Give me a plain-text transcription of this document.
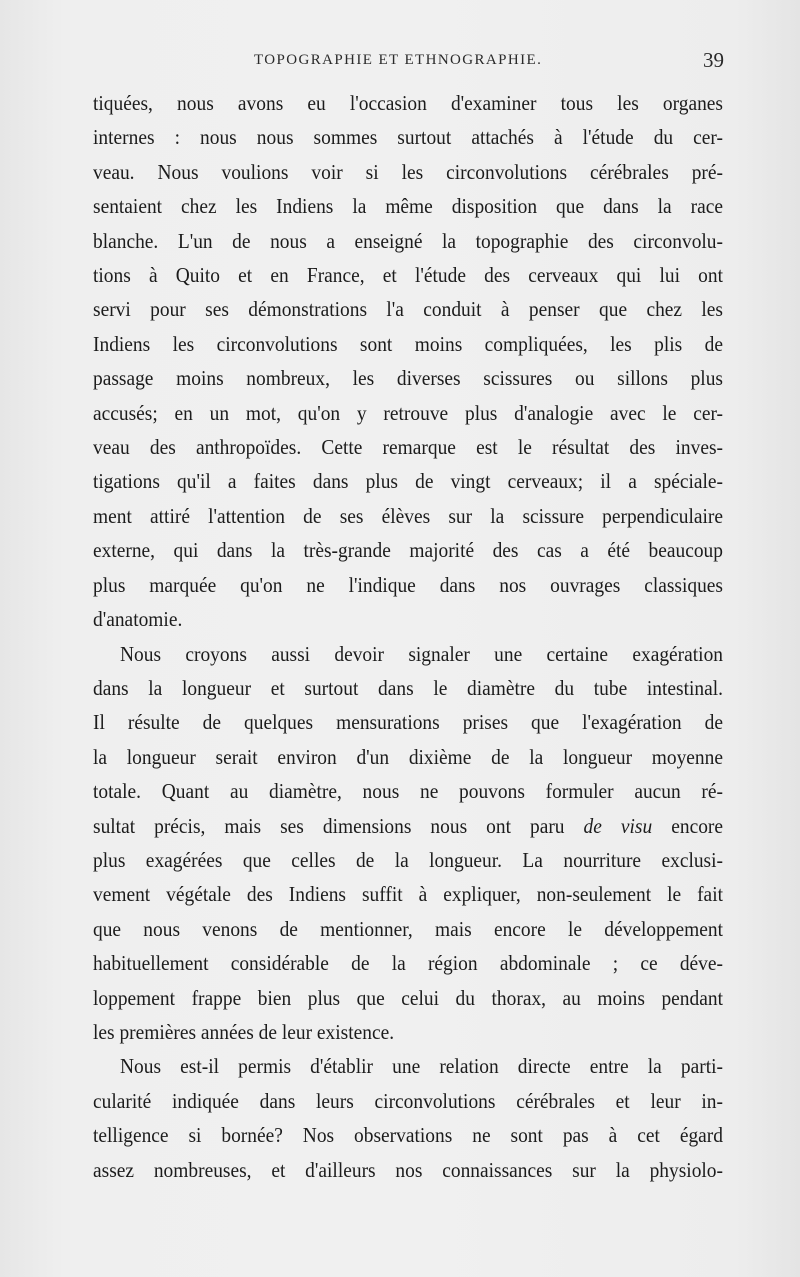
TOPOGRAPHIE ET ETHNOGRAPHIE.	39

tiquées, nous avons eu l'occasion d'examiner tous les organes

internes : nous nous sommes surtout attachés à l'étude du cer-

veau. Nous voulions voir si les circonvolutions cérébrales pré-

sentaient chez les Indiens la même disposition que dans la race

blanche. L'un de nous a enseigné la topographie des circonvolu-

tions à Quito et en France, et l'étude des cerveaux qui lui ont

servi pour ses démonstrations l'a conduit à penser que chez les

Indiens les circonvolutions sont moins compliquées, les plis de

passage moins nombreux, les diverses scissures ou sillons plus

accusés; en un mot, qu'on y retrouve plus d'analogie avec le cer-

veau des anthropoïdes. Cette remarque est le résultat des inves-

tigations qu'il a faites dans plus de vingt cerveaux; il a spéciale-

ment attiré l'attention de ses élèves sur la scissure perpendiculaire

externe, qui dans la très-grande majorité des cas a été beaucoup

plus marquée qu'on ne l'indique dans nos ouvrages classiques

d'anatomie.

Nous croyons aussi devoir signaler une certaine exagération

dans la longueur et surtout dans le diamètre du tube intestinal.

Il résulte de quelques mensurations prises que l'exagération de

la longueur serait environ d'un dixième de la longueur moyenne

totale. Quant au diamètre, nous ne pouvons formuler aucun ré-

sultat précis, mais ses dimensions nous ont paru de visu encore

plus exagérées que celles de la longueur. La nourriture exclusi-

vement végétale des Indiens suffit à expliquer, non-seulement le fait

que nous venons de mentionner, mais encore le développement

habituellement considérable de la région abdominale ; ce déve-

loppement frappe bien plus que celui du thorax, au moins pendant

les premières années de leur existence.

Nous est-il permis d'établir une relation directe entre la parti-

cularité indiquée dans leurs circonvolutions cérébrales et leur in-

telligence si bornée? Nos observations ne sont pas à cet égard

assez nombreuses, et d'ailleurs nos connaissances sur la physiolo-
